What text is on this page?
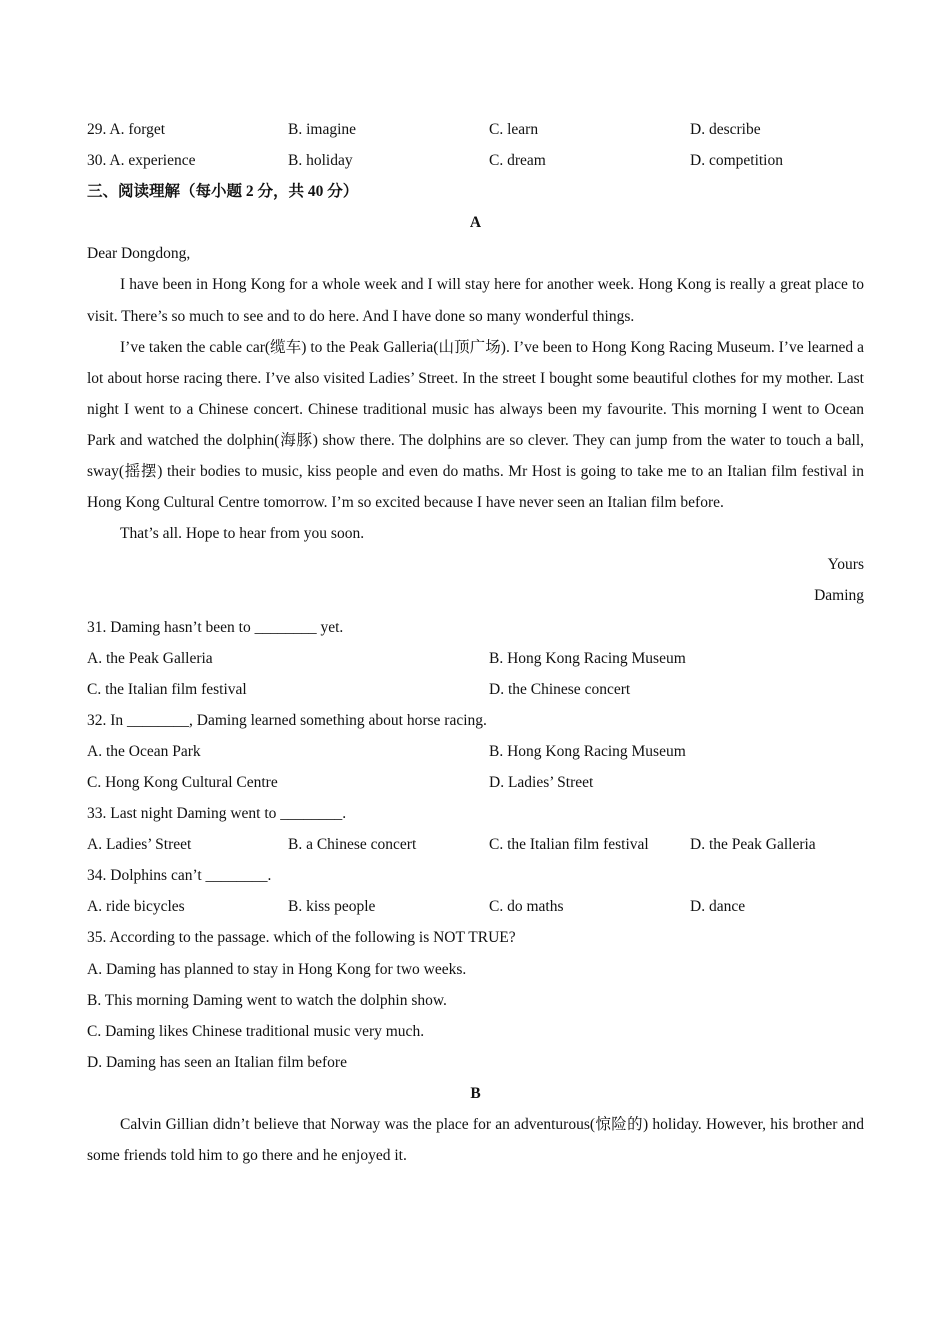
29. A. forget	B. imagine	C. learn	D. describe
30. A. experience	B. holiday	C. dream	D. competition
三、阅读理解（每小题 2 分，共 40 分）
A
Dear Dongdong,

I have been in Hong Kong for a whole week and I will stay here for another week. Hong Kong is really a great place to visit. There’s so much to see and to do here. And I have done so many wonderful things.

I’ve taken the cable car(缆车) to the Peak Galleria(山顶广场). I’ve been to Hong Kong Racing Museum. I’ve learned a lot about horse racing there. I’ve also visited Ladies’ Street. In the street I bought some beautiful clothes for my mother. Last night I went to a Chinese concert. Chinese traditional music has always been my favourite. This morning I went to Ocean Park and watched the dolphin(海豚) show there. The dolphins are so clever. They can jump from the water to touch a ball, sway(摇摆) their bodies to music, kiss people and even do maths. Mr Host is going to take me to an Italian film festival in Hong Kong Cultural Centre tomorrow. I’m so excited because I have never seen an Italian film before.

That’s all. Hope to hear from you soon.

Yours
Daming
31. Daming hasn’t been to ________ yet.
A. the Peak Galleria	B. Hong Kong Racing Museum
C. the Italian film festival	D. the Chinese concert
32. In ________, Daming learned something about horse racing.
A. the Ocean Park	B. Hong Kong Racing Museum
C. Hong Kong Cultural Centre	D. Ladies’ Street
33. Last night Daming went to ________.
A. Ladies’ Street	B. a Chinese concert	C. the Italian film festival	D. the Peak Galleria
34. Dolphins can’t ________.
A. ride bicycles	B. kiss people	C. do maths	D. dance
35. According to the passage. which of the following is NOT TRUE?
A. Daming has planned to stay in Hong Kong for two weeks.
B. This morning Daming went to watch the dolphin show.
C. Daming likes Chinese traditional music very much.
D. Daming has seen an Italian film before
B

Calvin Gillian didn’t believe that Norway was the place for an adventurous(惊险的) holiday. However, his brother and some friends told him to go there and he enjoyed it.
